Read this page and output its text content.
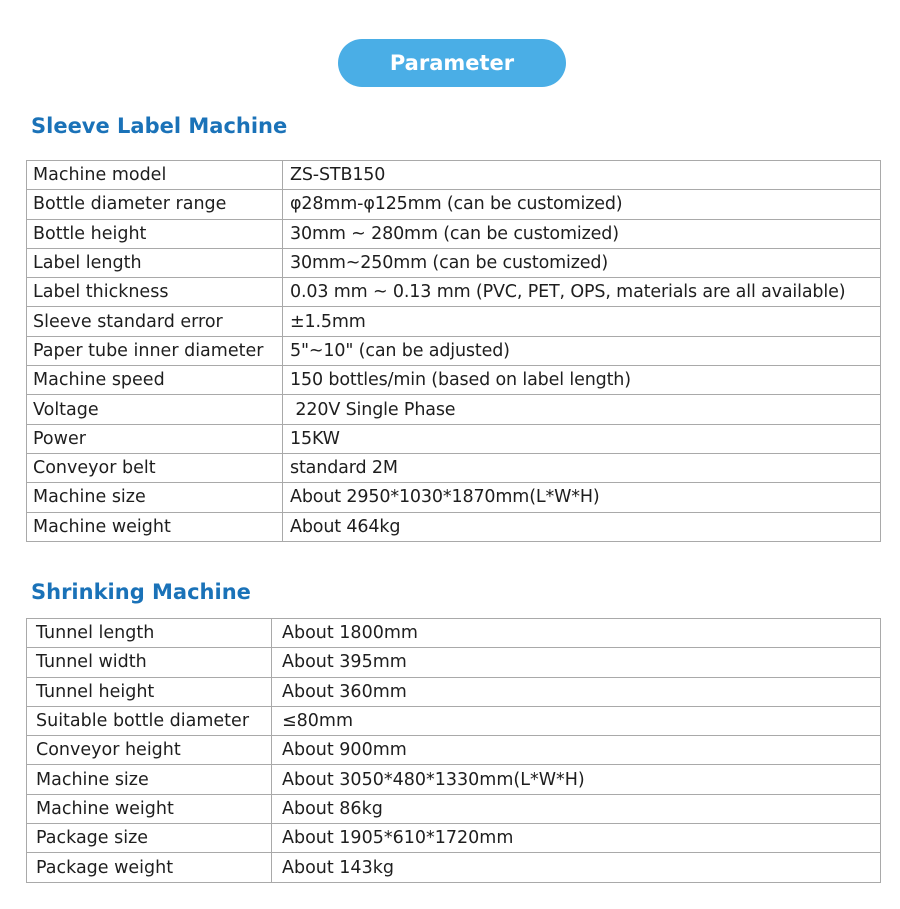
Parameter
Sleeve Label Machine
Machine model	ZS-STB150
Bottle diameter range	φ28mm-φ125mm (can be customized)
Bottle height	30mm ~ 280mm (can be customized)
Label length	30mm~250mm (can be customized)
Label thickness	0.03 mm ~ 0.13 mm (PVC, PET, OPS, materials are all available)
Sleeve standard error	±1.5mm
Paper tube inner diameter	5"~10" (can be adjusted)
Machine speed	150 bottles/min (based on label length)
Voltage	220V Single Phase
Power	15KW
Conveyor belt	standard 2M
Machine size	About 2950*1030*1870mm(L*W*H)
Machine weight	About 464kg
Shrinking Machine
Tunnel length	About 1800mm
Tunnel width	About 395mm
Tunnel height	About 360mm
Suitable bottle diameter	≤80mm
Conveyor height	About 900mm
Machine size	About 3050*480*1330mm(L*W*H)
Machine weight	About 86kg
Package size	About 1905*610*1720mm
Package weight	About 143kg
